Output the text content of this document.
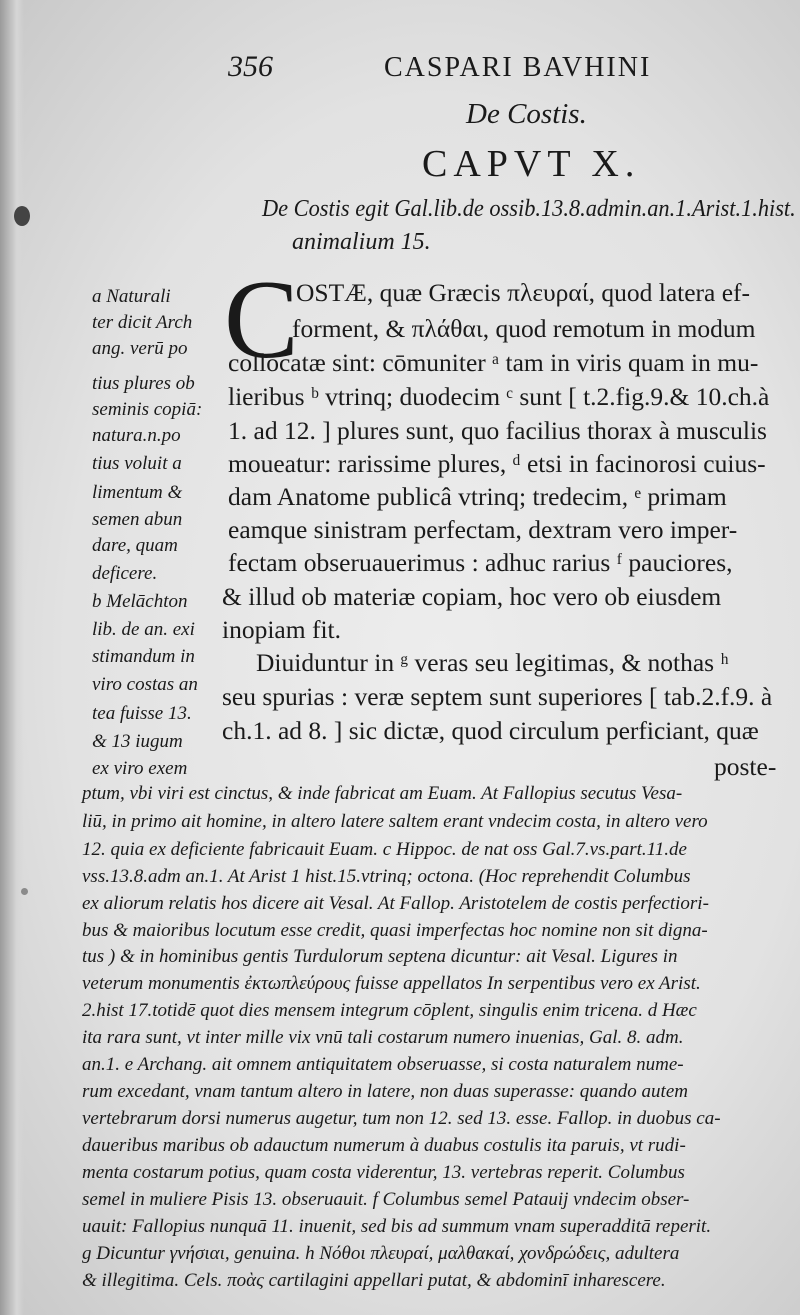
356	CASPARI BAVHINI
De Costis.
CAPVT X.
De Costis egit Gal.lib.de ossib.13.8.admin.an.1.Arist.1.hist.
animalium 15.
C
a Naturali
ter dicit Arch
ang. verū po
tius plures ob
seminis copiā:
natura.n.po
tius voluit a
limentum &
semen abun
dare, quam
deficere.
b Melāchton
lib. de an. exi
stimandum in
viro costas an
tea fuisse 13.
& 13 iugum
ex viro exem
OSTÆ, quæ Græcis πλευραί, quod latera ef-
forment, & πλάθαι, quod remotum in modum
collocatæ sint: cōmuniter ᵃ tam in viris quam in mu-
lieribus ᵇ vtrinq; duodecim ᶜ sunt [ t.2.fig.9.& 10.ch.à
1. ad 12. ] plures sunt, quo facilius thorax à musculis
moueatur: rarissime plures, ᵈ etsi in facinorosi cuius-
dam Anatome publicâ vtrinq; tredecim, ᵉ primam
eamque sinistram perfectam, dextram vero imper-
fectam obseruauerimus : adhuc rarius ᶠ pauciores,
& illud ob materiæ copiam, hoc vero ob eiusdem
inopiam fit.
Diuiduntur in ᵍ veras seu legitimas, & nothas ʰ
seu spurias : veræ septem sunt superiores [ tab.2.f.9. à
ch.1. ad 8. ] sic dictæ, quod circulum perficiant, quæ
poste-
ptum, vbi viri est cinctus, & inde fabricat am Euam. At Fallopius secutus Vesa-
liū, in primo ait homine, in altero latere saltem erant vndecim costa, in altero vero
12. quia ex deficiente fabricauit Euam. c Hippoc. de nat oss Gal.7.vs.part.11.de
vss.13.8.adm an.1. At Arist 1 hist.15.vtrinq; octona. (Hoc reprehendit Columbus
ex aliorum relatis hos dicere ait Vesal. At Fallop. Aristotelem de costis perfectiori-
bus & maioribus locutum esse credit, quasi imperfectas hoc nomine non sit digna-
tus ) & in hominibus gentis Turdulorum septena dicuntur: ait Vesal. Ligures in
veterum monumentis ἐκτωπλεύρους fuisse appellatos In serpentibus vero ex Arist.
2.hist 17.totidē quot dies mensem integrum cōplent, singulis enim tricena. d Hæc
ita rara sunt, vt inter mille vix vnū tali costarum numero inuenias, Gal. 8. adm.
an.1. e Archang. ait omnem antiquitatem obseruasse, si costa naturalem nume-
rum excedant, vnam tantum altero in latere, non duas superasse: quando autem
vertebrarum dorsi numerus augetur, tum non 12. sed 13. esse. Fallop. in duobus ca-
daueribus maribus ob adauctum numerum à duabus costulis ita paruis, vt rudi-
menta costarum potius, quam costa viderentur, 13. vertebras reperit. Columbus
semel in muliere Pisis 13. obseruauit. f Columbus semel Patauij vndecim obser-
uauit: Fallopius nunquā 11. inuenit, sed bis ad summum vnam superadditā reperit.
g Dicuntur γνήσιαι, genuina. h Νόθοι πλευραί, μαλθακαί, χονδρώδεις, adultera
& illegitima. Cels. ποὰς cartilagini appellari putat, & abdominī inharescere.
